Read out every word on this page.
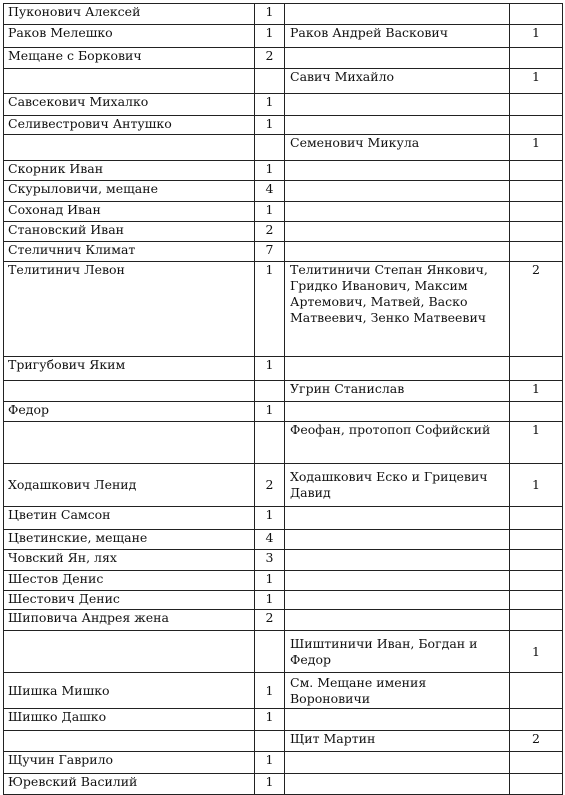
Пуконович Алексей	1		
Раков Мелешко	1	Раков Андрей Васкович	1
Мещане с Боркович	2		
		Савич Михайло	1
Савсекович Михалко	1		
Селивестрович Антушко	1		
		Семенович Микула	1
Скорник Иван	1		
Скурыловичи, мещане	4		
Сохонад Иван	1		
Становский Иван	2		
Стеличнич Климат	7		
Телитинич Левон	1	Телитиничи Степан Янкович, Гридко Иванович, Максим Артемович, Матвей, Васко Матвеевич, Зенко Матвеевич	2
Тригубович Яким	1		
		Угрин Станислав	1
Федор	1		
		Феофан, протопоп Софийский	1
Ходашкович Ленид	2	Ходашкович Еско и Грицевич Давид	1
Цветин Самсон	1		
Цветинские, мещане	4		
Човский Ян, лях	3		
Шестов Денис	1		
Шестович Денис	1		
Шиповича Андрея жена	2		
		Шиштиничи Иван, Богдан и Федор	1
Шишка Мишко	1	См. Мещане имения Вороновичи	
Шишко Дашко	1		
		Щит Мартин	2
Щучин Гаврило	1		
Юревский Василий	1		
